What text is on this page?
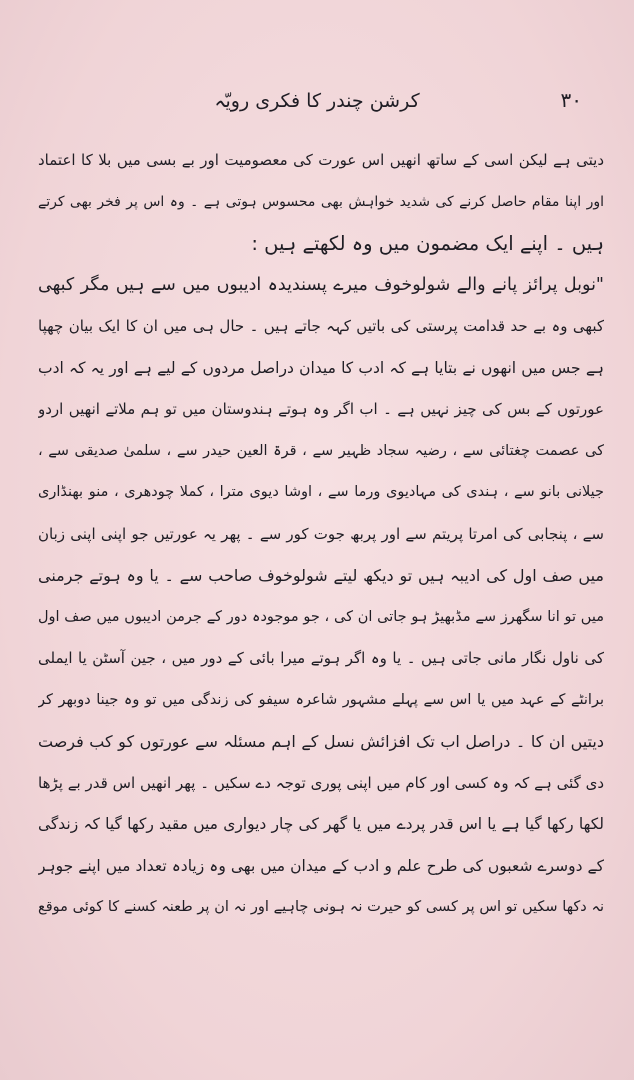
۳۰
کرشن چندر کا فکری رویّہ
دیتی ہے لیکن اسی کے ساتھ انھیں اس عورت کی معصومیت اور بے بسی میں بلا کا اعتماد
اور اپنا مقام حاصل کرنے کی شدید خواہش بھی محسوس ہوتی ہے ۔ وہ اس پر فخر بھی کرتے
ہیں ۔ اپنے ایک مضمون میں وہ لکھتے ہیں :
"نوبل پرائز پانے والے شولوخوف میرے پسندیدہ ادیبوں میں سے ہیں مگر کبھی
کبھی وہ بے حد قدامت پرستی کی باتیں کہہ جاتے ہیں ۔ حال ہی میں ان کا ایک بیان چھپا
ہے جس میں انھوں نے بتایا ہے کہ ادب کا میدان دراصل مردوں کے لیے ہے اور یہ کہ ادب
عورتوں کے بس کی چیز نہیں ہے ۔ اب اگر وہ ہوتے ہندوستان میں تو ہم ملاتے انھیں اردو
کی عصمت چغتائی سے ، رضیہ سجاد ظہیر سے ، قرۃ العین حیدر سے ، سلمیٰ صدیقی سے ،
جیلانی بانو سے ، ہندی کی مہادیوی ورما سے ، اوشا دیوی مترا ، کملا چودھری ، منو بھنڈاری
سے ، پنجابی کی امرتا پریتم سے اور پربھ جوت کور سے ۔ پھر یہ عورتیں جو اپنی اپنی زبان
میں صف اول کی ادیبہ ہیں تو دیکھ لیتے شولوخوف صاحب سے ۔ یا وہ ہوتے جرمنی
میں تو انا سگھرز سے مڈبھیڑ ہو جاتی ان کی ، جو موجودہ دور کے جرمن ادیبوں میں صف اول
کی ناول نگار مانی جاتی ہیں ۔ یا وہ اگر ہوتے میرا بائی کے دور میں ، جین آسٹن یا ایملی
برانٹے کے عہد میں یا اس سے پہلے مشہور شاعرہ سیفو کی زندگی میں تو وہ جینا دوبھر کر
دیتیں ان کا ۔ دراصل اب تک افزائش نسل کے اہم مسئلہ سے عورتوں کو کب فرصت
دی گئی ہے کہ وہ کسی اور کام میں اپنی پوری توجہ دے سکیں ۔ پھر انھیں اس قدر بے پڑھا
لکھا رکھا گیا ہے یا اس قدر پردے میں یا گھر کی چار دیواری میں مقید رکھا گیا کہ زندگی
کے دوسرے شعبوں کی طرح علم و ادب کے میدان میں بھی وہ زیادہ تعداد میں اپنے جوہر
نہ دکھا سکیں تو اس پر کسی کو حیرت نہ ہونی چاہیے اور نہ ان پر طعنہ کسنے کا کوئی موقع
